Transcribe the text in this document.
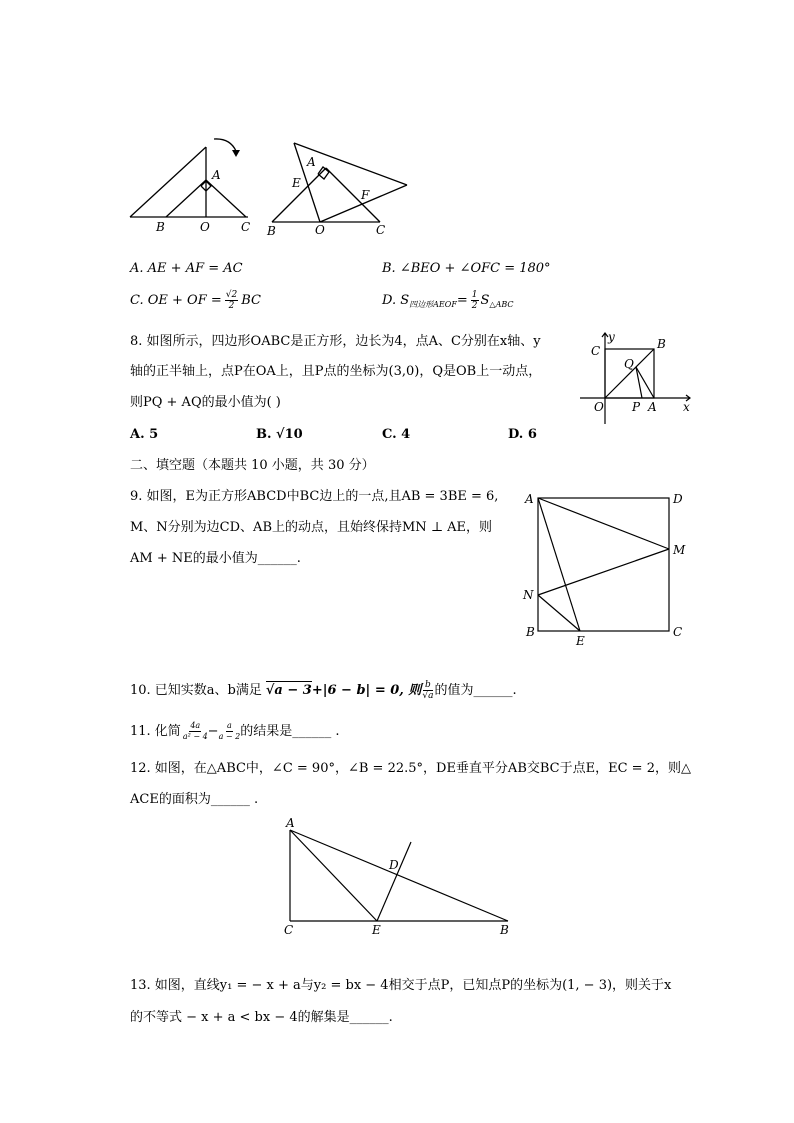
A
B	O	C
A
E
F
B	O	C
A. AE + AF = AC	B. ∠BEO + ∠OFC = 180°
C. OE + OF = $\frac{√2}{2}$ BC	D. S 四边形AEOF = $\frac{1}{2}$ S △ABC
8. 如图所示，四边形OABC是正方形，边长为4，点A、C分别在x轴、y
轴的正半轴上，点P在OA上，且P点的坐标为(3,0)，Q是OB上一动点，
则PQ + AQ的最小值为( )
A. 5	B. √10	C. 4	D. 6
y
C	B
Q
O P A x
二、填空题（本题共 10 小题，共 30 分）
9. 如图，E为正方形ABCD中BC边上的一点,且AB = 3BE = 6,
M、N分别为边CD、AB上的动点，且始终保持MN ⊥ AE，则
AM + NE的最小值为______.
A	D
M
N
B
E
C
10. 已知实数a、b满足 √a − 3 +|6 − b| = 0, 则 $\frac{b}{√a}$ 的值为______.
11. 化简 $\frac{4a}{\text{a² − 4}} - \frac{a}{a - 2}$ 的结果是______ .
12. 如图，在△ABC中，∠C = 90°，∠B = 22.5°，DE垂直平分AB交BC于点E，EC = 2，则△
ACE的面积为______ .
A
D
C	E	B
13. 如图，直线y₁ = − x + a与y₂ = bx − 4相交于点P，已知点P的坐标为(1, − 3)，则关于x
的不等式 − x + a < bx − 4的解集是______.
